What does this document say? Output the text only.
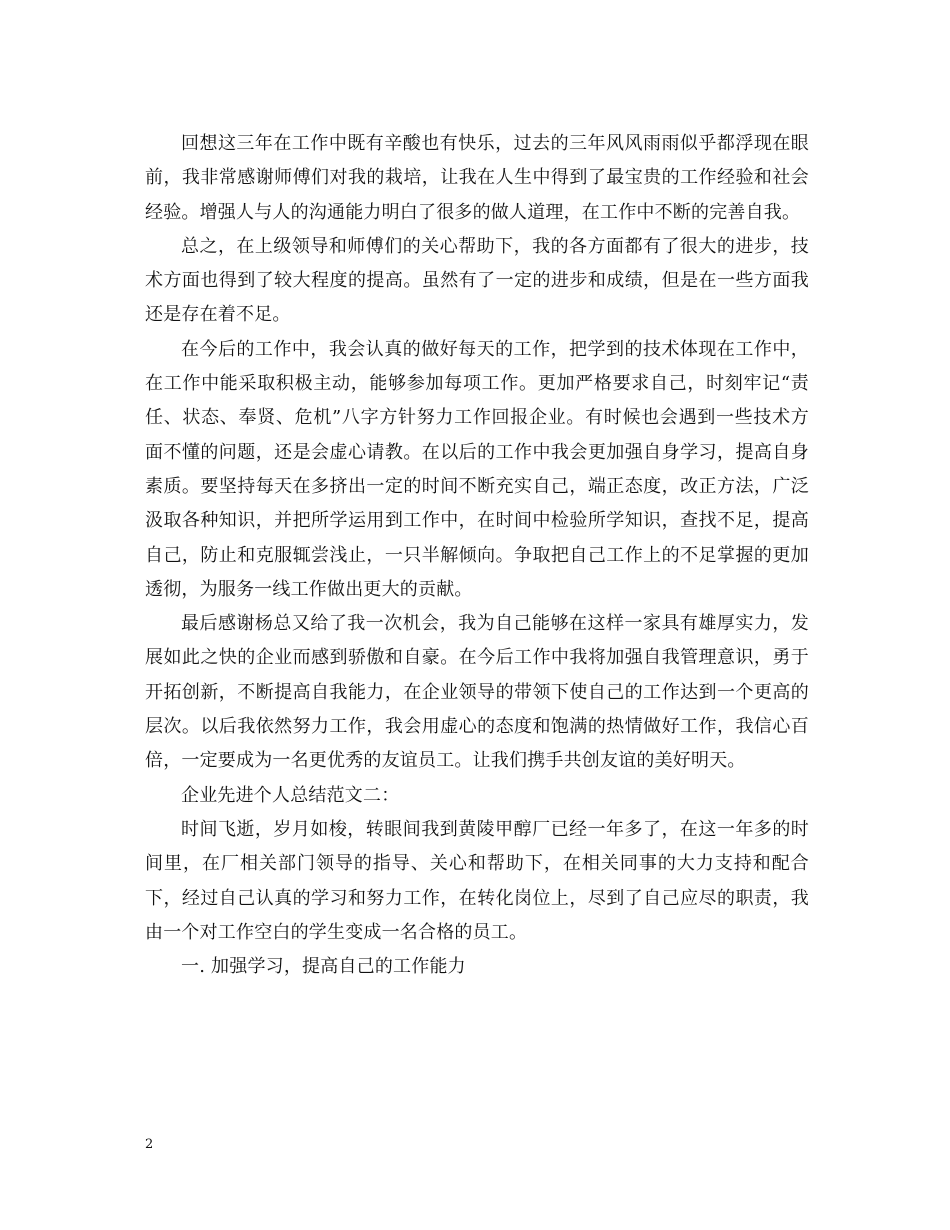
回想这三年在工作中既有辛酸也有快乐，过去的三年风风雨雨似乎都浮现在眼前，我非常感谢师傅们对我的栽培，让我在人生中得到了最宝贵的工作经验和社会经验。增强人与人的沟通能力明白了很多的做人道理，在工作中不断的完善自我。

总之，在上级领导和师傅们的关心帮助下，我的各方面都有了很大的进步，技术方面也得到了较大程度的提高。虽然有了一定的进步和成绩，但是在一些方面我还是存在着不足。

在今后的工作中，我会认真的做好每天的工作，把学到的技术体现在工作中，在工作中能采取积极主动，能够参加每项工作。更加严格要求自己，时刻牢记“责任、状态、奉贤、危机”八字方针努力工作回报企业。有时候也会遇到一些技术方面不懂的问题，还是会虚心请教。在以后的工作中我会更加强自身学习，提高自身素质。要坚持每天在多挤出一定的时间不断充实自己，端正态度，改正方法，广泛汲取各种知识，并把所学运用到工作中，在时间中检验所学知识，查找不足，提高自己，防止和克服辄尝浅止，一只半解倾向。争取把自己工作上的不足掌握的更加透彻，为服务一线工作做出更大的贡献。

最后感谢杨总又给了我一次机会，我为自己能够在这样一家具有雄厚实力，发展如此之快的企业而感到骄傲和自豪。在今后工作中我将加强自我管理意识，勇于开拓创新，不断提高自我能力，在企业领导的带领下使自己的工作达到一个更高的层次。以后我依然努力工作，我会用虚心的态度和饱满的热情做好工作，我信心百倍，一定要成为一名更优秀的友谊员工。让我们携手共创友谊的美好明天。

企业先进个人总结范文二：

时间飞逝，岁月如梭，转眼间我到黄陵甲醇厂已经一年多了，在这一年多的时间里，在厂相关部门领导的指导、关心和帮助下，在相关同事的大力支持和配合下，经过自己认真的学习和努力工作，在转化岗位上，尽到了自己应尽的职责，我由一个对工作空白的学生变成一名合格的员工。

一. 加强学习，提高自己的工作能力

2
